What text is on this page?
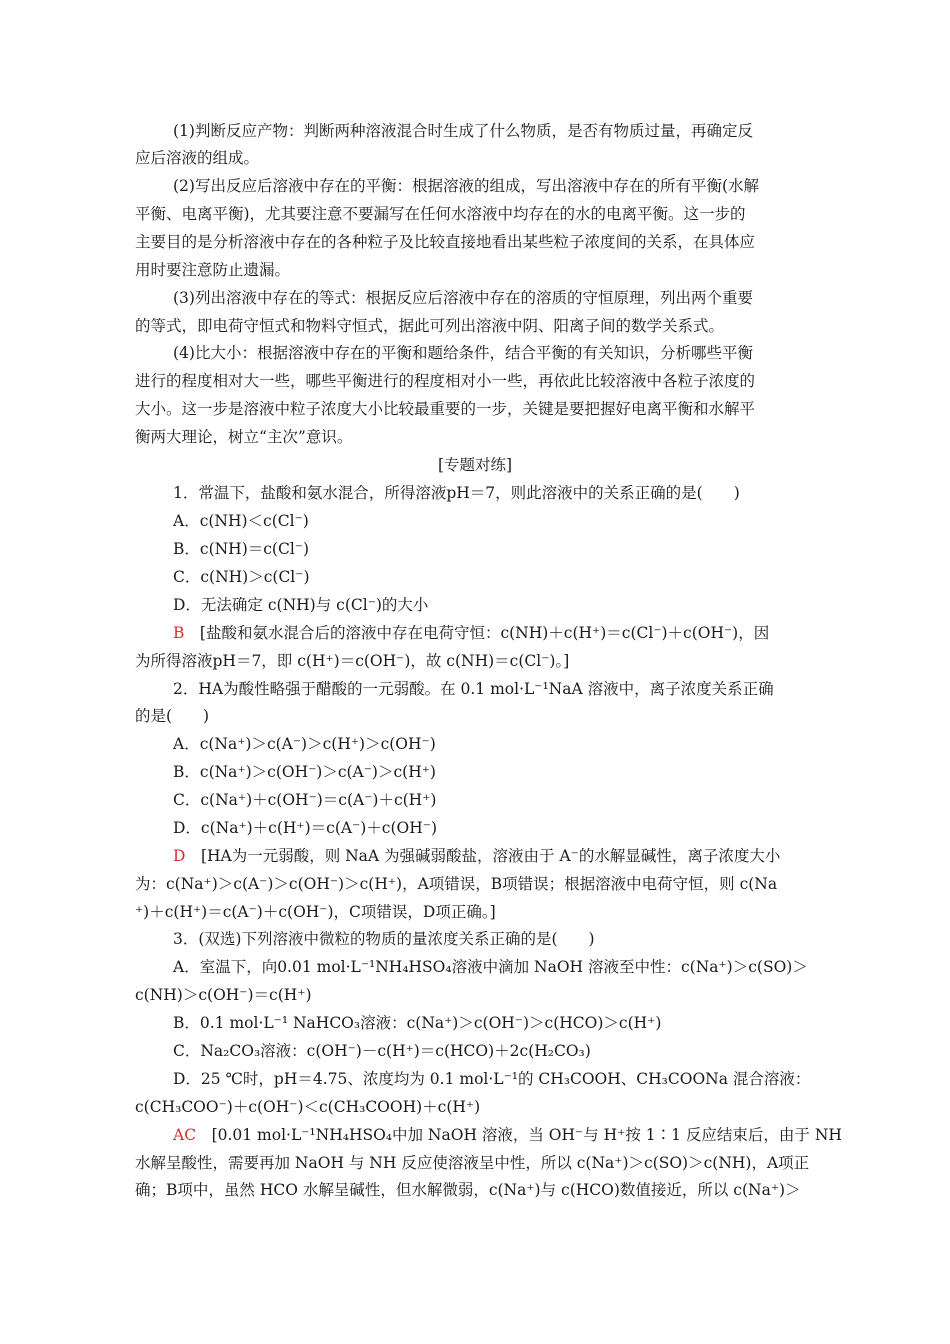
(1)判断反应产物：判断两种溶液混合时生成了什么物质，是否有物质过量，再确定反
应后溶液的组成。
(2)写出反应后溶液中存在的平衡：根据溶液的组成，写出溶液中存在的所有平衡(水解
平衡、电离平衡)，尤其要注意不要漏写在任何水溶液中均存在的水的电离平衡。这一步的
主要目的是分析溶液中存在的各种粒子及比较直接地看出某些粒子浓度间的关系，在具体应
用时要注意防止遗漏。
(3)列出溶液中存在的等式：根据反应后溶液中存在的溶质的守恒原理，列出两个重要
的等式，即电荷守恒式和物料守恒式，据此可列出溶液中阴、阳离子间的数学关系式。
(4)比大小：根据溶液中存在的平衡和题给条件，结合平衡的有关知识，分析哪些平衡
进行的程度相对大一些，哪些平衡进行的程度相对小一些，再依此比较溶液中各粒子浓度的
大小。这一步是溶液中粒子浓度大小比较最重要的一步，关键是要把握好电离平衡和水解平
衡两大理论，树立“主次”意识。
[专题对练]
1．常温下，盐酸和氨水混合，所得溶液pH＝7，则此溶液中的关系正确的是(　　)
A．c(NH)＜c(Cl⁻)
B．c(NH)＝c(Cl⁻)
C．c(NH)＞c(Cl⁻)
D．无法确定 c(NH)与 c(Cl⁻)的大小
B　[盐酸和氨水混合后的溶液中存在电荷守恒：c(NH)＋c(H⁺)＝c(Cl⁻)＋c(OH⁻)，因
为所得溶液pH＝7，即 c(H⁺)＝c(OH⁻)，故 c(NH)＝c(Cl⁻)。]
2．HA为酸性略强于醋酸的一元弱酸。在 0.1 mol·L⁻¹NaA 溶液中，离子浓度关系正确
的是(　　)
A．c(Na⁺)＞c(A⁻)＞c(H⁺)＞c(OH⁻)
B．c(Na⁺)＞c(OH⁻)＞c(A⁻)＞c(H⁺)
C．c(Na⁺)＋c(OH⁻)＝c(A⁻)＋c(H⁺)
D．c(Na⁺)＋c(H⁺)＝c(A⁻)＋c(OH⁻)
D　[HA为一元弱酸，则 NaA 为强碱弱酸盐，溶液由于 A⁻的水解显碱性，离子浓度大小
为：c(Na⁺)＞c(A⁻)＞c(OH⁻)＞c(H⁺)，A项错误，B项错误；根据溶液中电荷守恒，则 c(Na
⁺)＋c(H⁺)＝c(A⁻)＋c(OH⁻)，C项错误，D项正确。]
3．(双选)下列溶液中微粒的物质的量浓度关系正确的是(　　)
A．室温下，向0.01 mol·L⁻¹NH₄HSO₄溶液中滴加 NaOH 溶液至中性：c(Na⁺)＞c(SO)＞
c(NH)＞c(OH⁻)＝c(H⁺)
B．0.1 mol·L⁻¹ NaHCO₃溶液：c(Na⁺)＞c(OH⁻)＞c(HCO)＞c(H⁺)
C．Na₂CO₃溶液：c(OH⁻)－c(H⁺)＝c(HCO)＋2c(H₂CO₃)
D．25 ℃时，pH＝4.75、浓度均为 0.1 mol·L⁻¹的 CH₃COOH、CH₃COONa 混合溶液：
c(CH₃COO⁻)＋c(OH⁻)＜c(CH₃COOH)＋c(H⁺)
AC　[0.01 mol·L⁻¹NH₄HSO₄中加 NaOH 溶液，当 OH⁻与 H⁺按 1∶1 反应结束后，由于 NH
水解呈酸性，需要再加 NaOH 与 NH 反应使溶液呈中性，所以 c(Na⁺)＞c(SO)＞c(NH)，A项正
确；B项中，虽然 HCO 水解呈碱性，但水解微弱，c(Na⁺)与 c(HCO)数值接近，所以 c(Na⁺)＞
